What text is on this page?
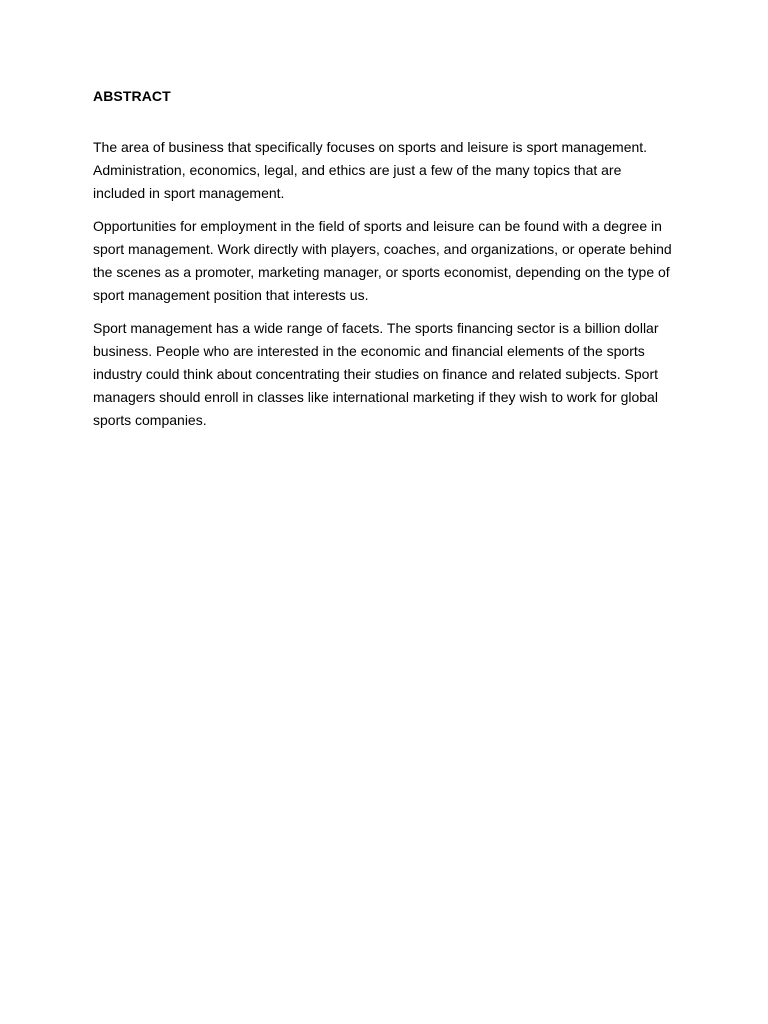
ABSTRACT

The area of business that specifically focuses on sports and leisure is sport management. Administration, economics, legal, and ethics are just a few of the many topics that are included in sport management.

Opportunities for employment in the field of sports and leisure can be found with a degree in sport management. Work directly with players, coaches, and organizations, or operate behind the scenes as a promoter, marketing manager, or sports economist, depending on the type of sport management position that interests us.

Sport management has a wide range of facets. The sports financing sector is a billion dollar business. People who are interested in the economic and financial elements of the sports industry could think about concentrating their studies on finance and related subjects. Sport managers should enroll in classes like international marketing if they wish to work for global sports companies.
